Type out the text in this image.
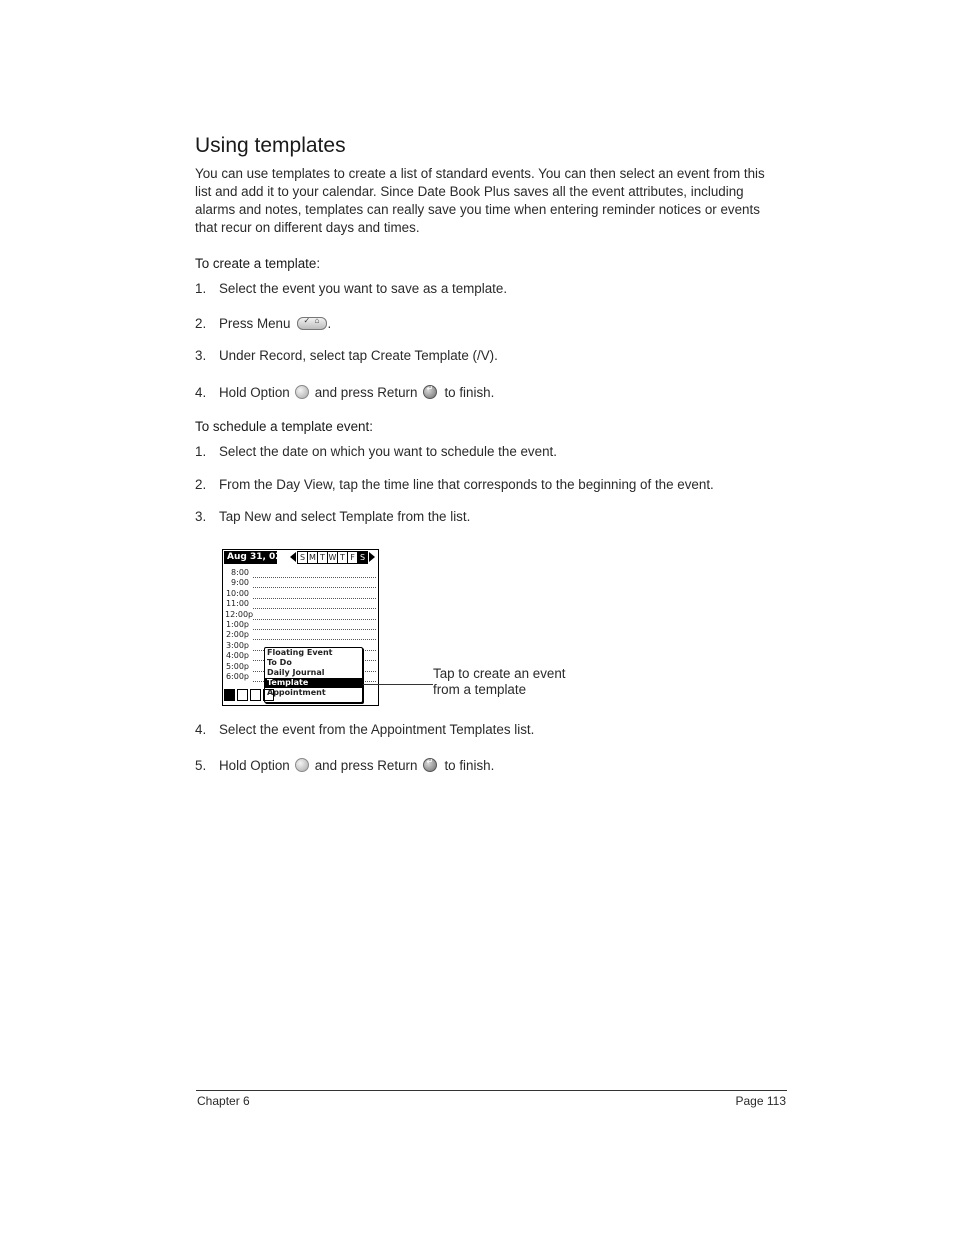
Using templates
You can use templates to create a list of standard events. You can then select an event from this
list and add it to your calendar. Since Date Book Plus saves all the event attributes, including
alarms and notes, templates can really save you time when entering reminder notices or events
that recur on different days and times.
To create a template:
1. Select the event you want to save as a template.
2. Press Menu ✓ ⌂ .
3. Under Record, select tap Create Template (/V).
4. Hold Option and press Return ↵ to finish.
To schedule a template event:
1. Select the date on which you want to schedule the event.
2. From the Day View, tap the time line that corresponds to the beginning of the event.
3. Tap New and select Template from the list.
Aug 31, 02	S M T W T F S
8:00
9:00
10:00
11:00
12:00p
1:00p
2:00p
3:00p
4:00p
5:00p
6:00p
Floating Event
To Do
Daily Journal
Template
Appointment
Tap to create an event
from a template
4. Select the event from the Appointment Templates list.
5. Hold Option and press Return ↵ to finish.
Chapter 6	Page 113
